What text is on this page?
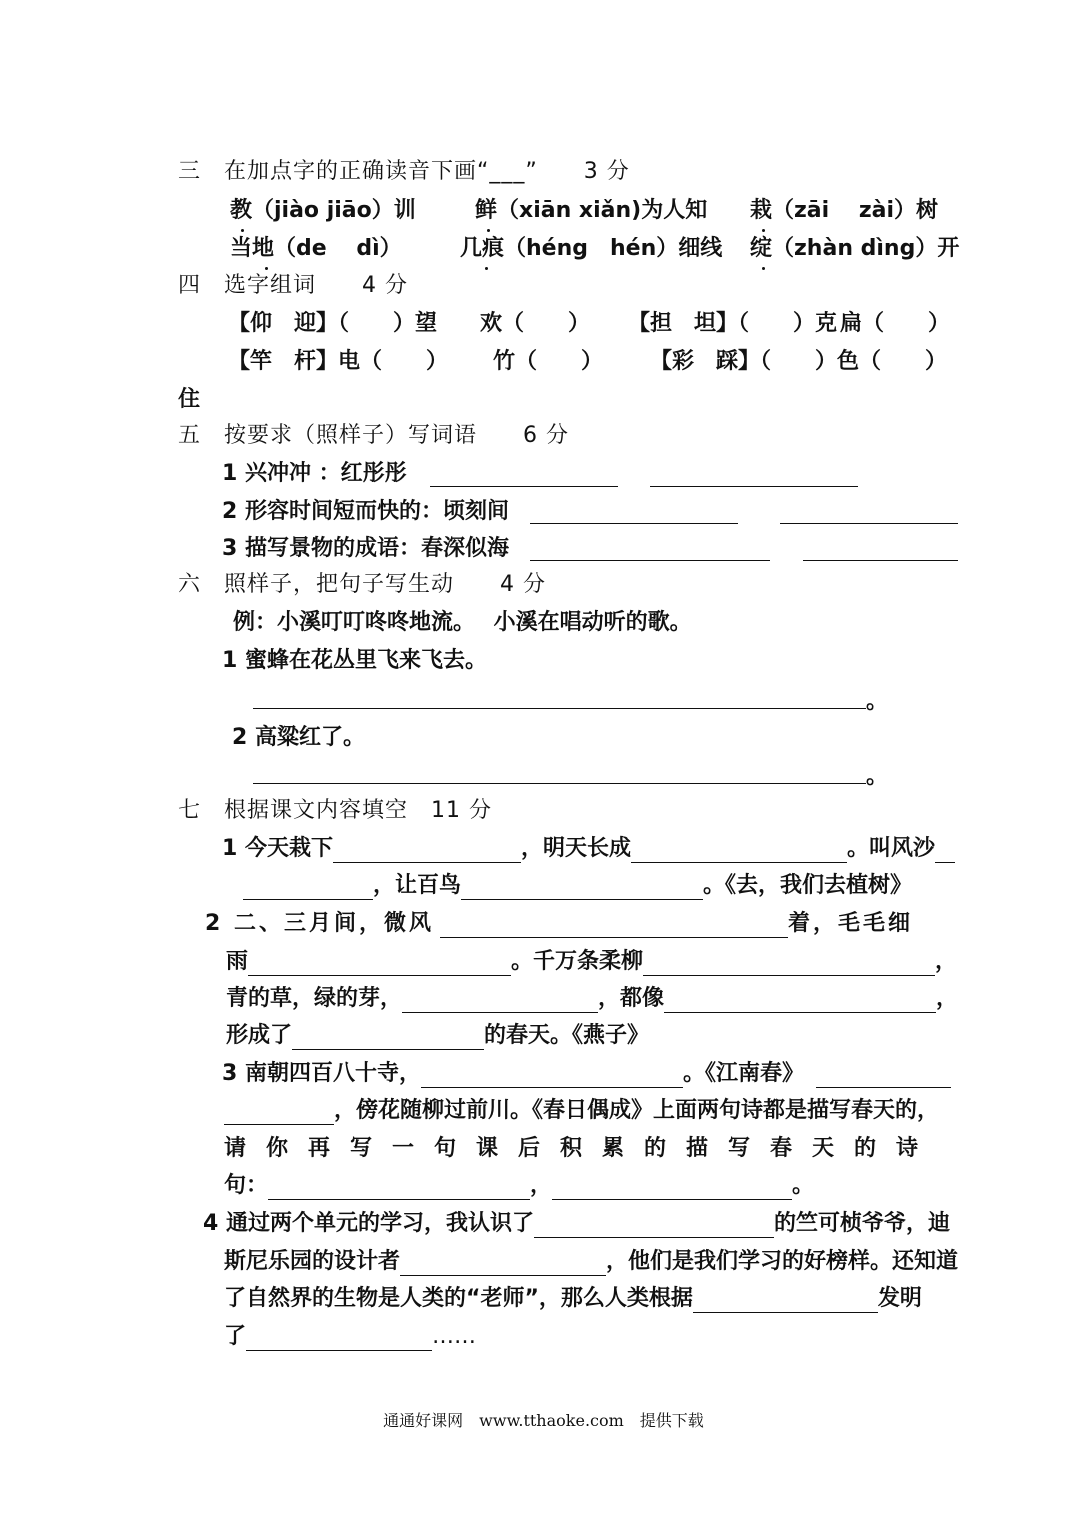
三　在加点字的正确读音下画“___”　　3 分
教（jiào jiāo）训	鲜（xiān xiǎn)为人知 栽（zāi　 zài）树
当地（de　 dì）	几痕（héng　hén）细线 绽（zhàn dìng）开
四　选字组词　　4 分
【仰　迎】（　　）望 欢（　　） 【担　坦】（　　）克 扁（　　）
【竿　杆】电（　　） 竹（　　） 【彩　踩】（　　）色（　　）
住
五　按要求（照样子）写词语　　6 分
1 兴冲冲 ：红彤彤
2 形容时间短而快的：顷刻间
3 描写景物的成语：春深似海
六　照样子，把句子写生动　　4 分
例：小溪叮叮咚咚地流。　 小溪在唱动听的歌。
1 蜜蜂在花丛里飞来飞去。
。
2 高粱红了。
。
七　根据课文内容填空　11 分
1 今天栽下	，明天长成	。叫风沙
，让百鸟	。《去，我们去植树》
2 二、三月间，微风	着，毛毛细
雨	。千万条柔柳	，
青的草，绿的芽，	，都像	，
形成了	的春天。《燕子》
3 南朝四百八十寺，	。《江南春》
，傍花随柳过前川。《春日偶成》上面两句诗都是描写春天的，
请你再写一句课后积累的描写春天的诗
句：	，	。
4 通过两个单元的学习，我认识了	的竺可桢爷爷，迪
斯尼乐园的设计者	，他们是我们学习的好榜样。还知道
了自然界的生物是人类的“老师”，那么人类根据	发明
了	……
通通好课网　www.tthaoke.com　提供下载
